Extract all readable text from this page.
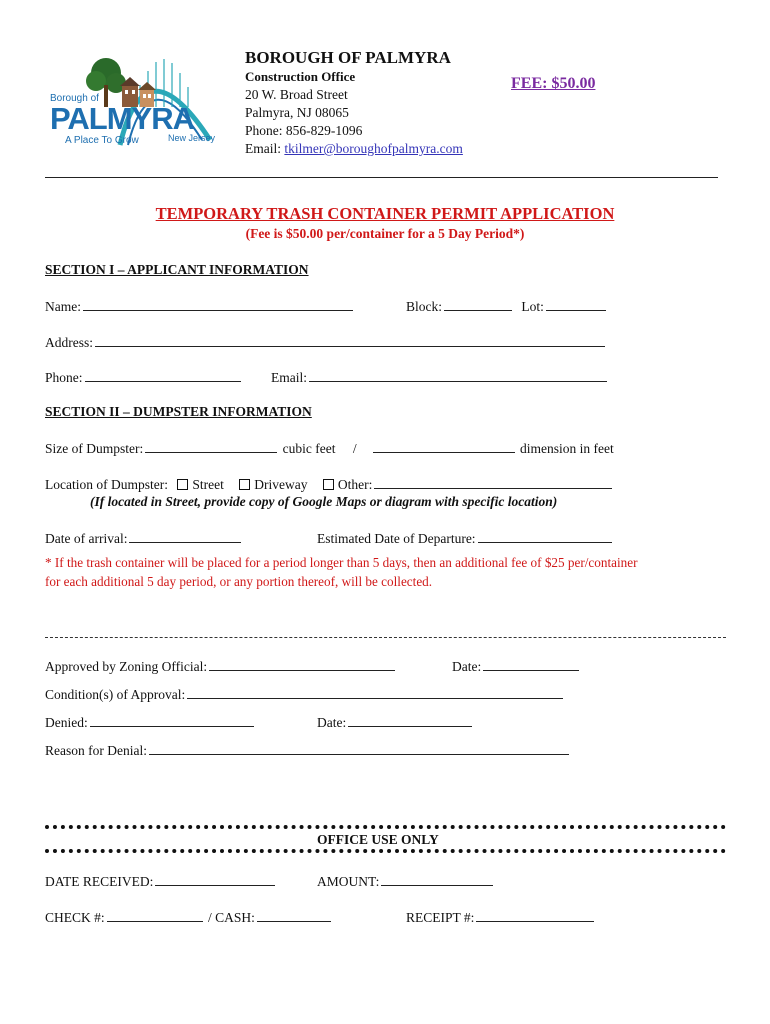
Borough of
PALMYRA
A Place To Grow	New Jersey
BOROUGH OF PALMYRA
Construction Office
20 W. Broad Street
Palmyra, NJ 08065
Phone: 856-829-1096
Email: tkilmer@boroughofpalmyra.com
FEE: $50.00
TEMPORARY TRASH CONTAINER PERMIT APPLICATION
(Fee is $50.00 per/container for a 5 Day Period*)
SECTION I – APPLICANT INFORMATION
Name:	Block:	Lot:
Address:
Phone:	Email:
SECTION II – DUMPSTER INFORMATION
Size of Dumpster:	cubic feet /	dimension in feet
Location of Dumpster: Street Driveway Other:
(If located in Street, provide copy of Google Maps or diagram with specific location)
Date of arrival:	Estimated Date of Departure:
* If the trash container will be placed for a period longer than 5 days, then an additional fee of $25 per/container
for each additional 5 day period, or any portion thereof, will be collected.
Approved by Zoning Official:	Date:
Condition(s) of Approval:
Denied:	Date:
Reason for Denial:
OFFICE USE ONLY
DATE RECEIVED:	AMOUNT:
CHECK #:	/ CASH:	RECEIPT #:
